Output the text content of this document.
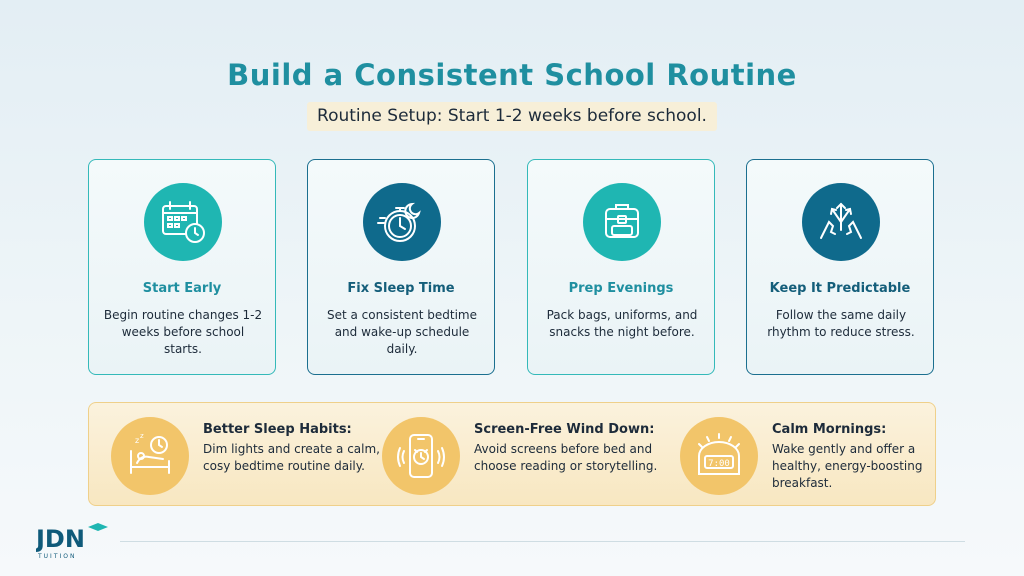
Build a Consistent School Routine
Routine Setup: Start 1-2 weeks before school.
Start Early
Begin routine changes 1-2 weeks before school starts.
Fix Sleep Time
Set a consistent bedtime and wake-up schedule daily.
Prep Evenings
Pack bags, uniforms, and snacks the night before.
Keep It Predictable
Follow the same daily rhythm to reduce stress.
z z	Better Sleep Habits:
Dim lights and create a calm, cosy bedtime routine daily.
Screen-Free Wind Down:
Avoid screens before bed and choose reading or storytelling.	7:00
Calm Mornings:
Wake gently and offer a healthy, energy-boosting breakfast.
JDN
TUITION
